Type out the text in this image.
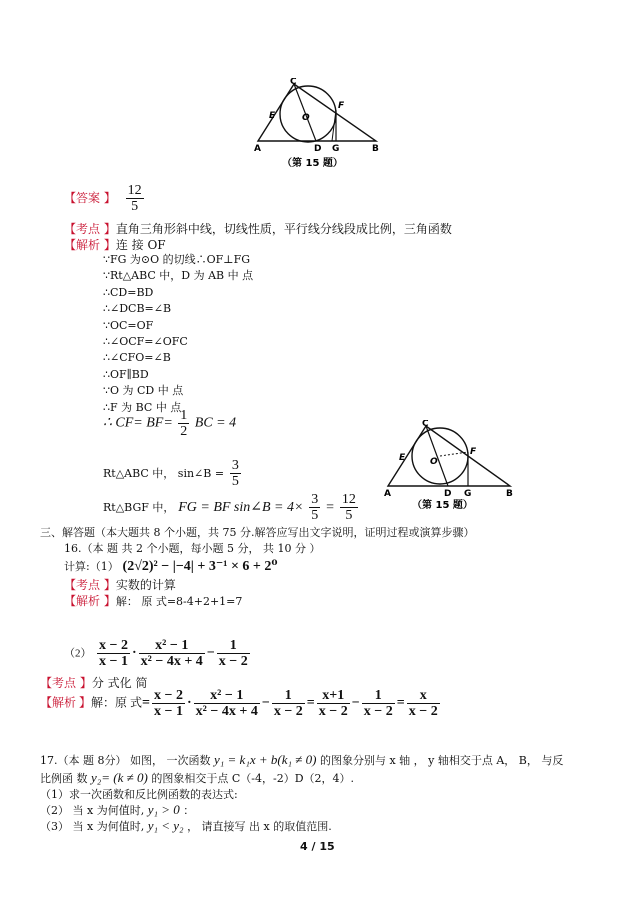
C
E	O
F
A	D G	B
（第 15 题）
【答案 】 $\frac{12}{5}$
【考点 】直角三角形斜中线，切线性质，平行线分线段成比例，三角函数
【解析 】连 接 OF
∵FG 为⊙O 的切线∴OF⊥FG
∵Rt△ABC 中，D 为 AB 中 点
∴CD=BD
∴∠DCB=∠B
∵OC=OF
∴∠OCF=∠OFC
∴∠CFO=∠B
∴OF∥BD
∵O 为 CD 中 点
∴F 为 BC 中 点
∴ $CF= BF= \frac{1}{2}$ BC = 4
Rt△ABC 中， sin∠B = $\frac{3}{5}$
Rt△BGF 中， FG = BF sin∠B = $4\times \frac{3}{5} = \frac{12}{5}$
C
E	O
F
A	D G	B
（第 15 题）
三、解答题（本大题共 8 个小题，共 75 分.解答应写出文字说明，证明过程或演算步骤）
16.（本 题 共 2 个小题，每小题 5 分， 共 10 分 ）
计算:（1） (2√2)² − |−4| + 3⁻¹ × 6 + 2⁰
【考点 】实数的计算
【解析 】解： 原 式=8-4+2+1=7
$(2) \frac{x - 2}{x - 1} \cdot \frac{\text{x² − 1}}{\text{x² − 4x + 4}} - \frac{1}{x - 2}$
【考点 】分 式化 简
【解析 】解：原 式= $\frac{x - 2}{x - 1} \cdot \frac{\text{x² − 1}}{\text{x² − 4x + 4}} - \frac{1}{x - 2} = \frac{x+1}{x - 2} - \frac{1}{x - 2} = \frac{x}{x - 2}$
17.（本 题 8分） 如图， 一次函数 y₁ = k₁x + b(k₁ ≠ 0) 的图象分别与 x 轴 ， y 轴相交于点 A， B， 与反
比例函 数 y₂= (k ≠ 0) 的图象相交于点 C（-4，-2）D（2，4）.
（1）求一次函数和反比例函数的表达式:
（2） 当 x 为何值时, y₁ > 0 ：
（3） 当 x 为何值时, y₁ < y₂ ， 请直接写 出 x 的取值范围.
4 / 15
